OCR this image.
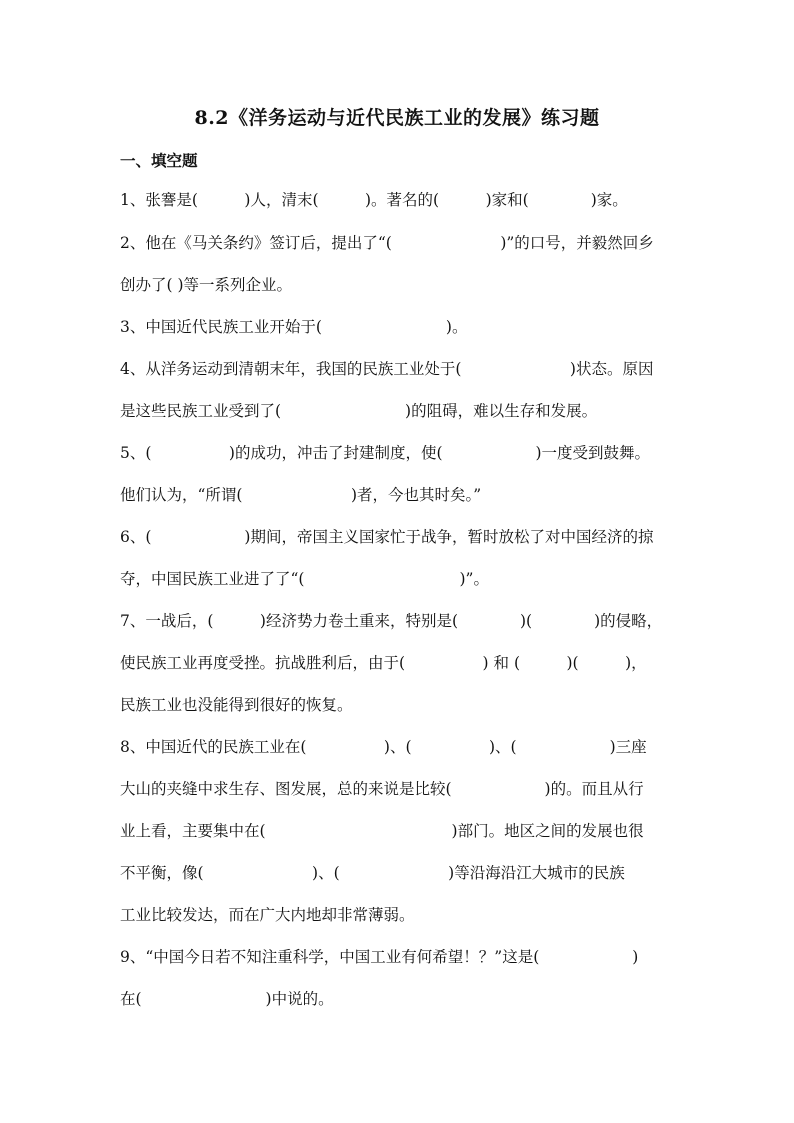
8.2《洋务运动与近代民族工业的发展》练习题
一、填空题
1、张謇是(　　　)人，清末(　　　)。著名的(　　　)家和(　　　　)家。
2、他在《马关条约》签订后，提出了“(　　　　　　　)”的口号，并毅然回乡
创办了( )等一系列企业。
3、中国近代民族工业开始于(　　　　　　　　)。
4、从洋务运动到清朝末年，我国的民族工业处于(　　　　　　　)状态。原因
是这些民族工业受到了(　　　　　　　　)的阻碍，难以生存和发展。
5、(　　　　　)的成功，冲击了封建制度，使(　　　　　　)一度受到鼓舞。
他们认为，“所谓(　　　　　　　)者，今也其时矣。”
6、(　　　　　　)期间，帝国主义国家忙于战争，暂时放松了对中国经济的掠
夺，中国民族工业进了了“(　　　　　　　　　　)”。
7、一战后，(　　　)经济势力卷土重来，特别是(　　　　)(　　　　)的侵略，
使民族工业再度受挫。抗战胜利后，由于(　　　　　) 和 (　　　)(　　　)，
民族工业也没能得到很好的恢复。
8、中国近代的民族工业在(　　　　　)、(　　　　　)、(　　　　　　)三座
大山的夹缝中求生存、图发展，总的来说是比较(　　　　　　)的。而且从行
业上看，主要集中在(　　　　　　　　　　　　)部门。地区之间的发展也很
不平衡，像(　　　　　　　)、(　　　　　　　)等沿海沿江大城市的民族
工业比较发达，而在广大内地却非常薄弱。
9、“中国今日若不知注重科学，中国工业有何希望！？”这是(　　　　　　)
在(　　　　　　　　)中说的。
